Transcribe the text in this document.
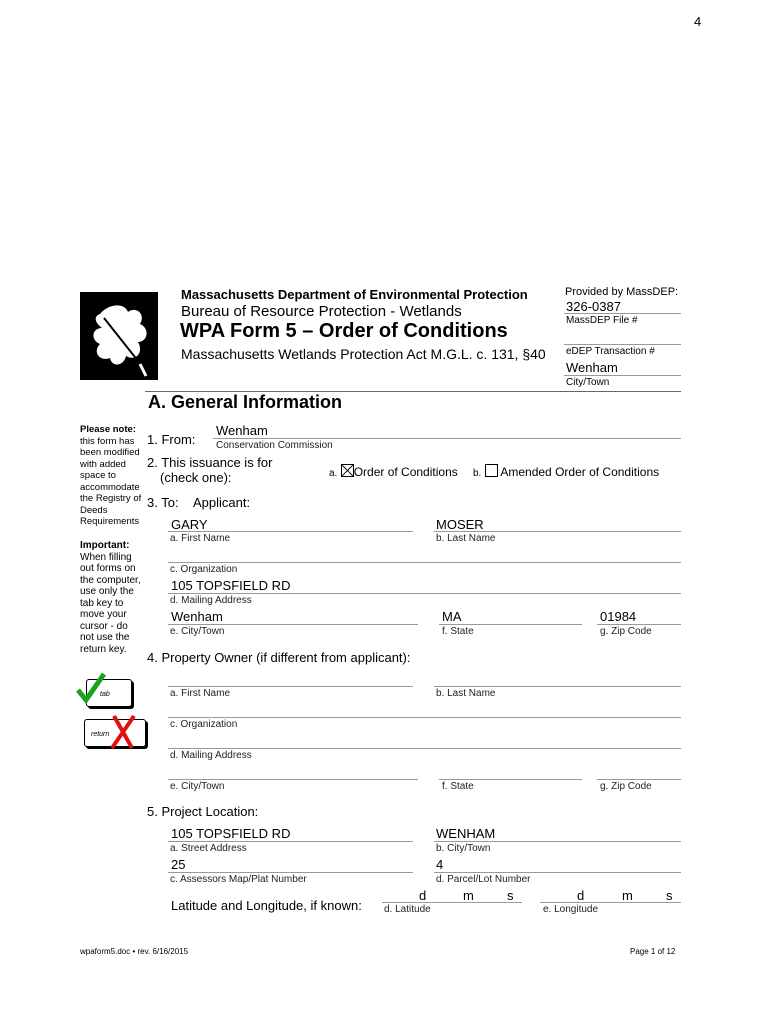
4
Massachusetts Department of Environmental Protection
Bureau of Resource Protection - Wetlands
WPA Form 5 – Order of Conditions
Massachusetts Wetlands Protection Act M.G.L. c. 131, §40
Provided by MassDEP:
326-0387
MassDEP File #
eDEP Transaction #
Wenham
City/Town
A. General Information
Please note:
this form has been modified with added space to accommodate the Registry of Deeds Requirements
Important:
When filling out forms on the computer, use only the tab key to move your cursor - do not use the return key.
tab
return
1. From:
Wenham
Conservation Commission
2. This issuance is for
(check one):	a. Order of Conditions b. Amended Order of Conditions
3. To: Applicant:
GARY
a. First Name
MOSER
b. Last Name
c. Organization
105 TOPSFIELD RD
d. Mailing Address
Wenham
e. City/Town
MA
f. State
01984
g. Zip Code
4. Property Owner (if different from applicant):
a. First Name	b. Last Name
c. Organization
d. Mailing Address
e. City/Town	f. State	g. Zip Code
5. Project Location:
105 TOPSFIELD RD
a. Street Address
WENHAM
b. City/Town
25
c. Assessors Map/Plat Number
4
d. Parcel/Lot Number
Latitude and Longitude, if known:
d	m	s
d. Latitude
d	m	s
e. Longitude
wpaform5.doc • rev. 6/16/2015	Page 1 of 12
